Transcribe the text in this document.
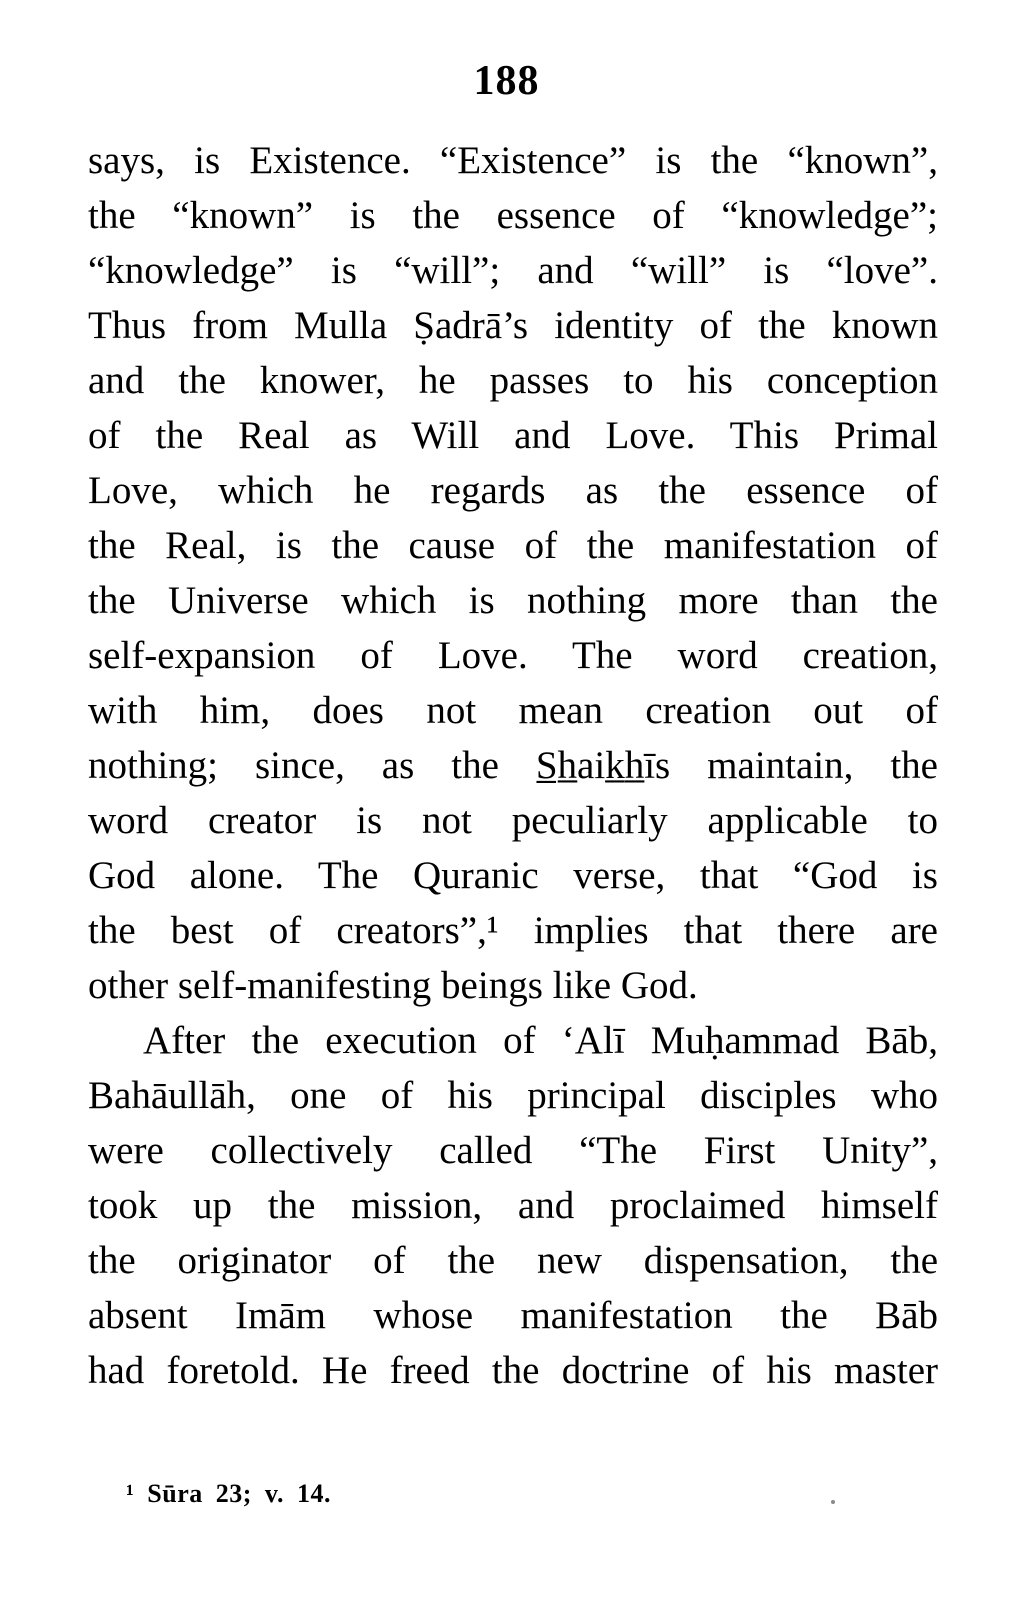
188
says, is Existence. “Existence” is the “known”,
the “known” is the essence of “knowledge”;
“knowledge” is “will”; and “will” is “love”.
Thus from Mulla Ṣadrā’s identity of the known
and the knower, he passes to his conception
of the Real as Will and Love. This Primal
Love, which he regards as the essence of
the Real, is the cause of the manifestation of
the Universe which is nothing more than the
self-expansion of Love. The word creation,
with him, does not mean creation out of
nothing; since, as the S̲h̲aik̲h̲īs maintain, the
word creator is not peculiarly applicable to
God alone. The Quranic verse, that “God is
the best of creators”,¹ implies that there are
other self-manifesting beings like God.
After the execution of ‘Alī Muḥammad Bāb,
Bahāullāh, one of his principal disciples who
were collectively called “The First Unity”,
took up the mission, and proclaimed himself
the originator of the new dispensation, the
absent Imām whose manifestation the Bāb
had foretold. He freed the doctrine of his master
¹ Sūra 23; v. 14.
